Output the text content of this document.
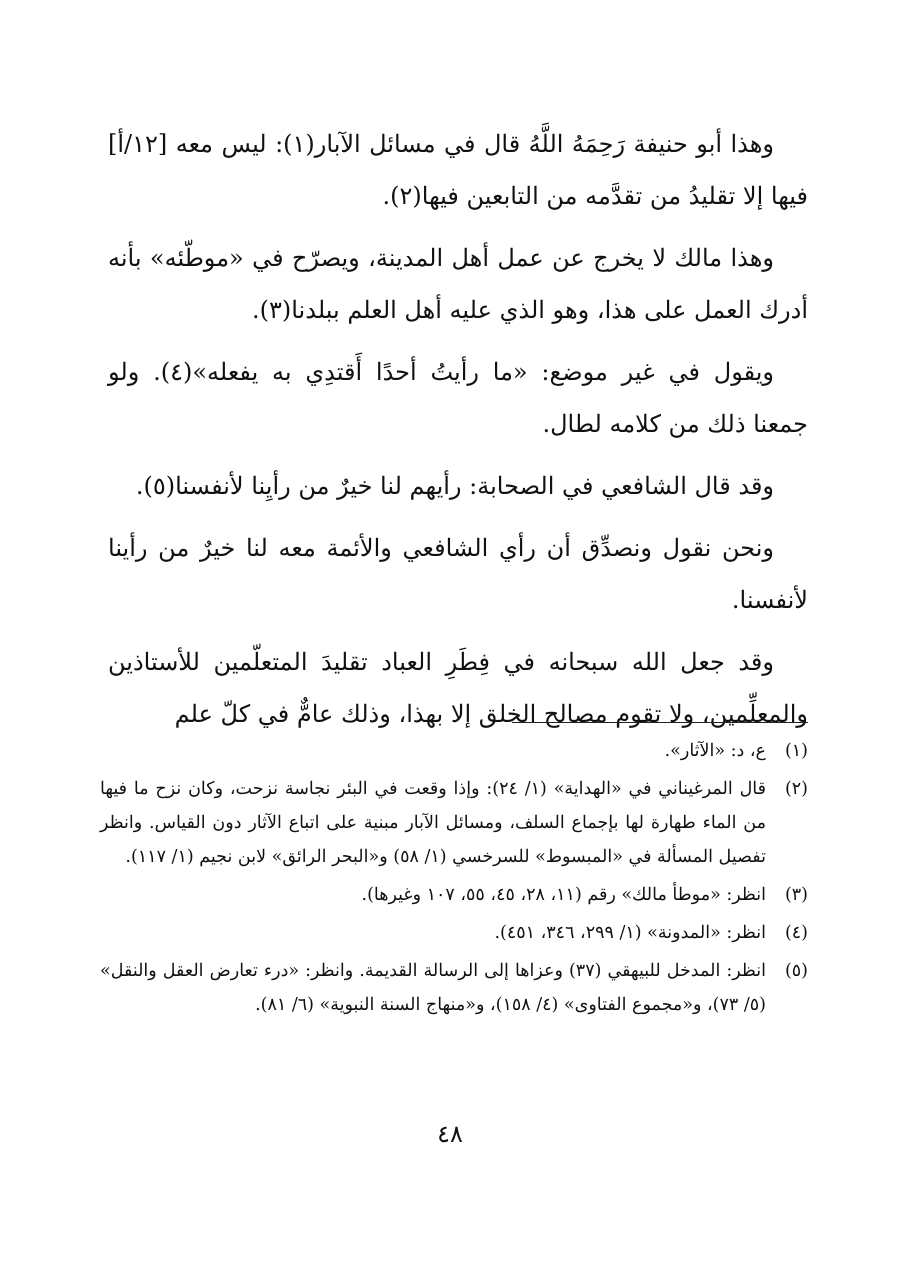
وهذا أبو حنيفة رَحِمَهُ اللَّهُ قال في مسائل الآبار(١): ليس معه [١٢/أ] فيها إلا تقليدُ من تقدَّمه من التابعين فيها(٢).

وهذا مالك لا يخرج عن عمل أهل المدينة، ويصرّح في «موطّئه» بأنه أدرك العمل على هذا، وهو الذي عليه أهل العلم ببلدنا(٣).

ويقول في غير موضع: «ما رأيتُ أحدًا أَقتدِي به يفعله»(٤). ولو جمعنا ذلك من كلامه لطال.

وقد قال الشافعي في الصحابة: رأيهم لنا خيرٌ من رأيِنا لأنفسنا(٥).

ونحن نقول ونصدِّق أن رأي الشافعي والأئمة معه لنا خيرٌ من رأينا لأنفسنا.

وقد جعل الله سبحانه في فِطَرِ العباد تقليدَ المتعلّمين للأستاذين والمعلِّمين، ولا تقوم مصالح الخلق إلا بهذا، وذلك عامٌّ في كلّ علم

(١)
ع، د: «الآثار».
(٢)
قال المرغيناني في «الهداية» (١/ ٢٤): وإذا وقعت في البئر نجاسة نزحت، وكان نزح ما فيها من الماء طهارة لها بإجماع السلف، ومسائل الآبار مبنية على اتباع الآثار دون القياس. وانظر تفصيل المسألة في «المبسوط» للسرخسي (١/ ٥٨) و«البحر الرائق» لابن نجيم (١/ ١١٧).
(٣)
انظر: «موطأ مالك» رقم (١١، ٢٨، ٤٥، ٥٥، ١٠٧ وغيرها).
(٤)
انظر: «المدونة» (١/ ٢٩٩، ٣٤٦، ٤٥١).
(٥)
انظر: المدخل للبيهقي (٣٧) وعزاها إلى الرسالة القديمة. وانظر: «درء تعارض العقل والنقل» (٥/ ٧٣)، و«مجموع الفتاوى» (٤/ ١٥٨)، و«منهاج السنة النبوية» (٦/ ٨١).
٤٨
